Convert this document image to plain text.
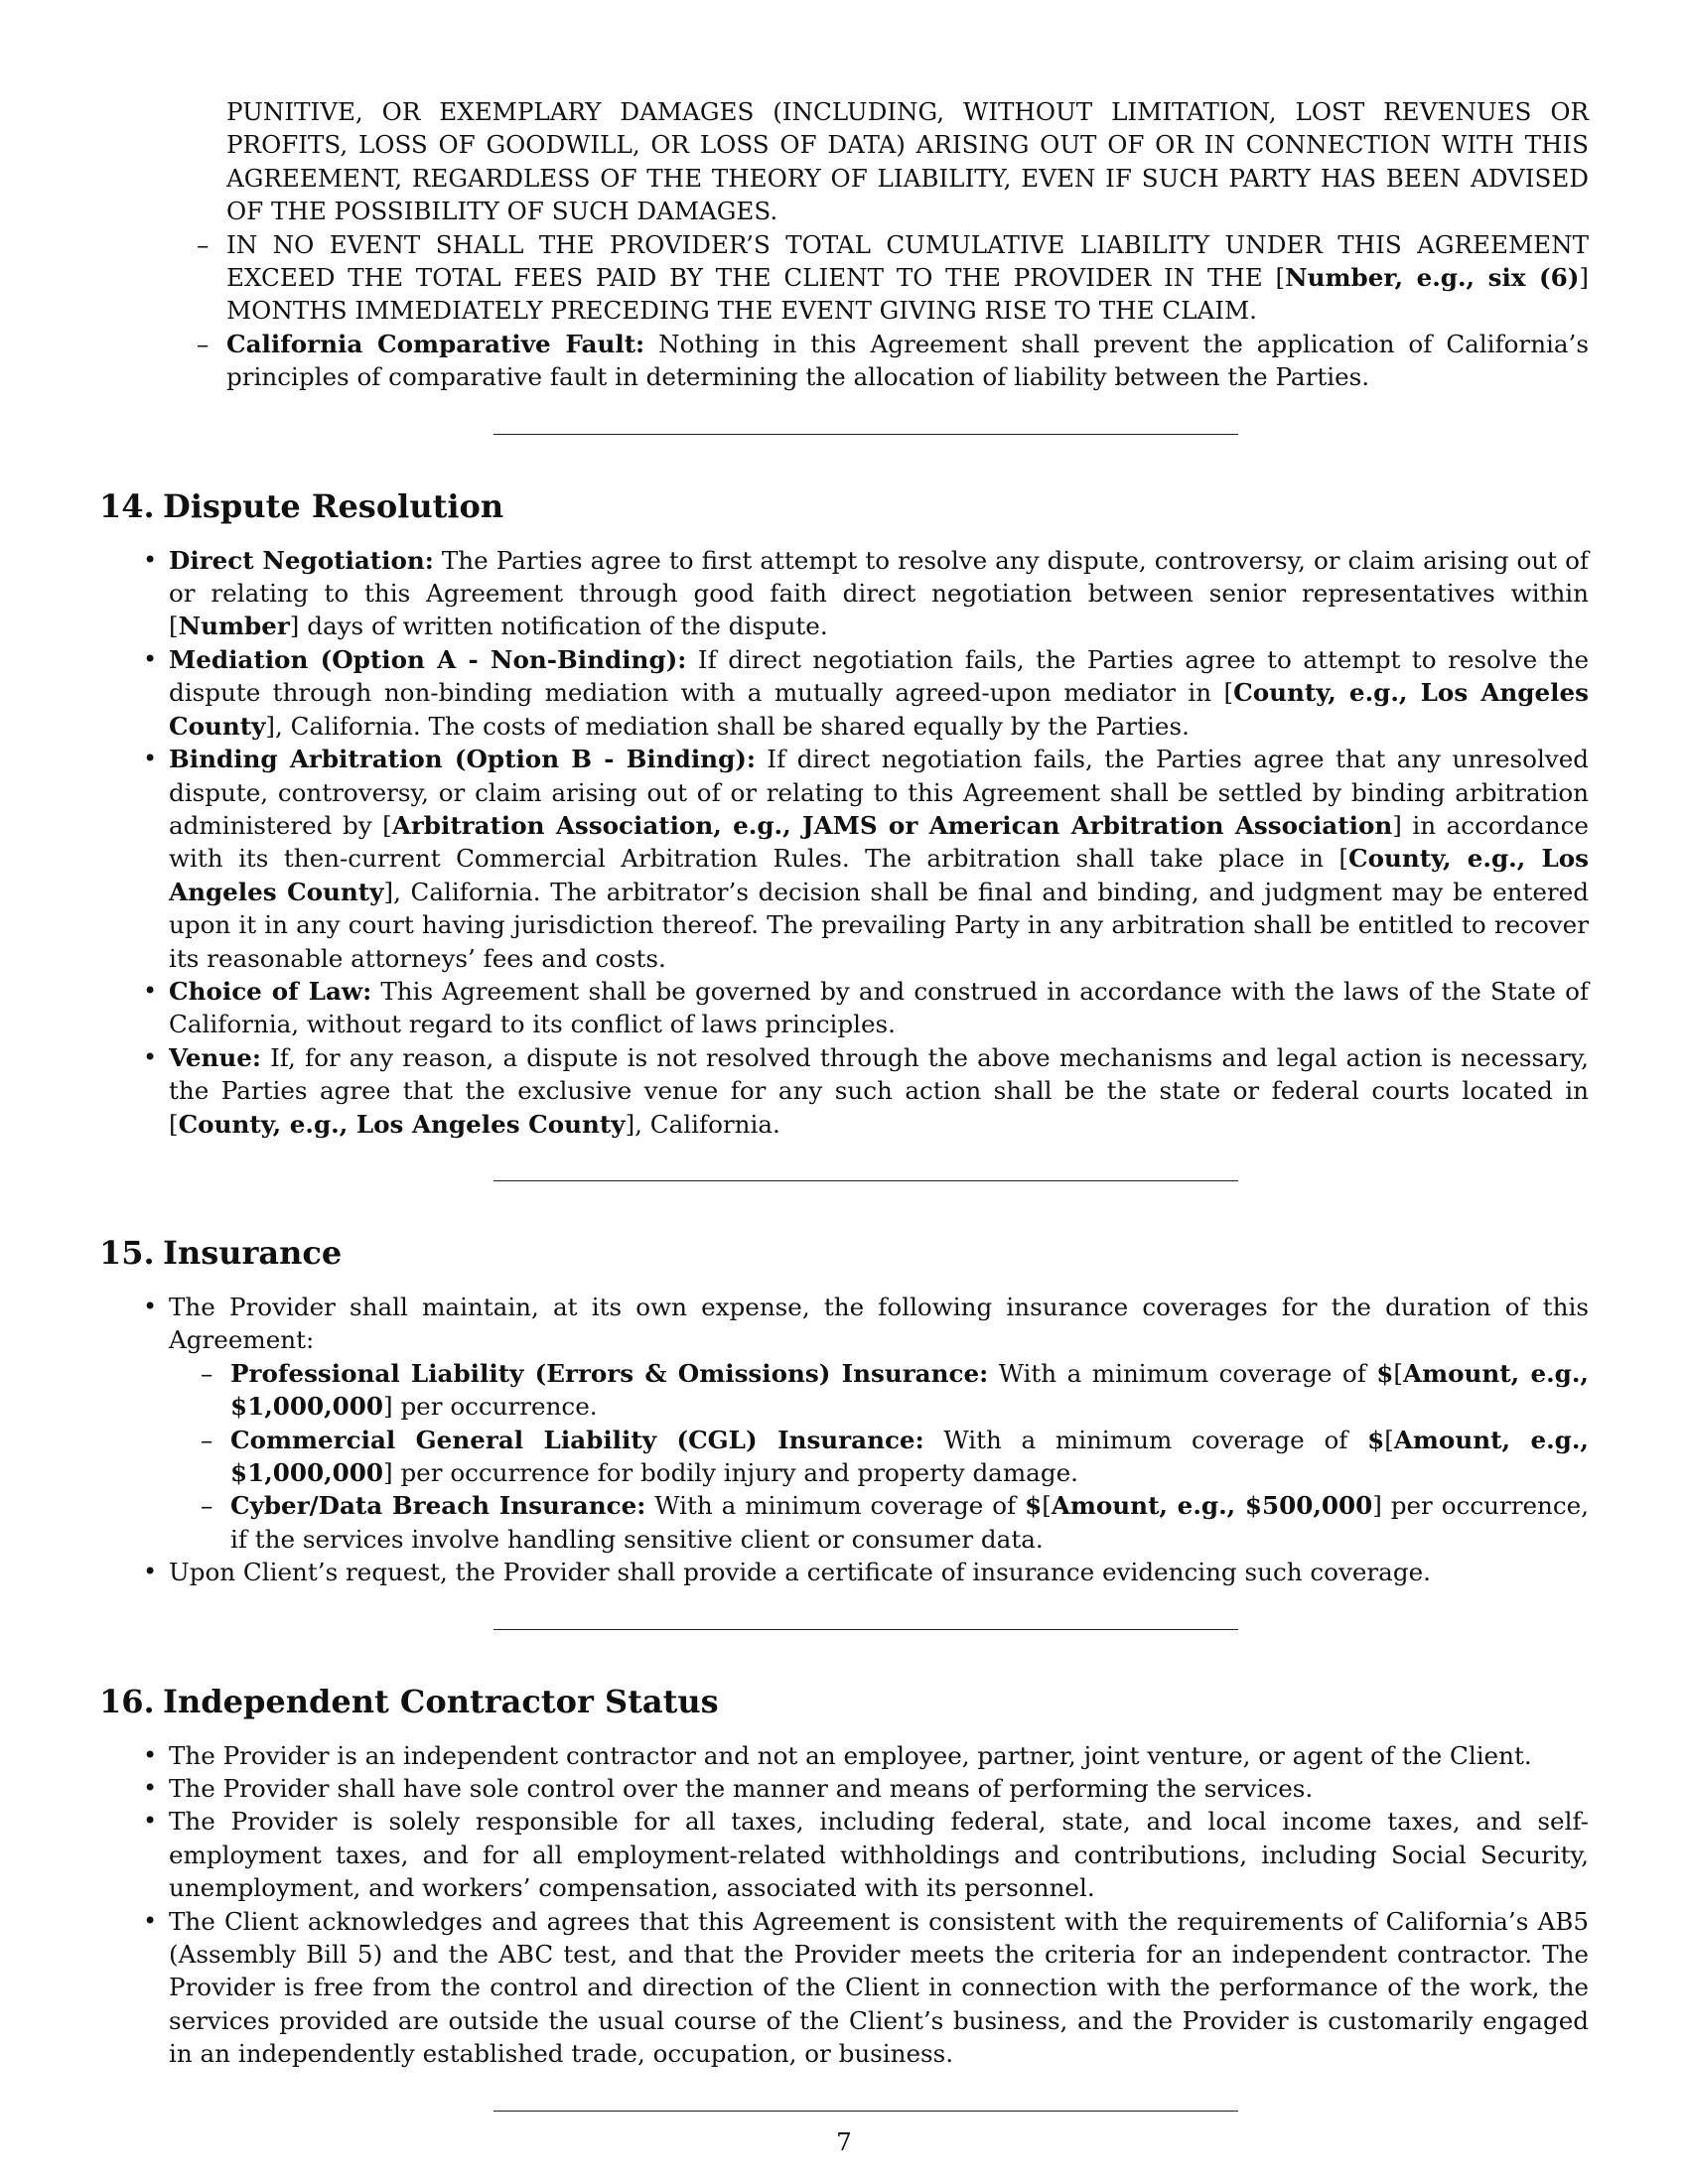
PUNITIVE, OR EXEMPLARY DAMAGES (INCLUDING, WITHOUT LIMITATION, LOST REVENUES OR PROFITS, LOSS OF GOODWILL, OR LOSS OF DATA) ARISING OUT OF OR IN CONNECTION WITH THIS AGREEMENT, REGARDLESS OF THE THEORY OF LIABILITY, EVEN IF SUCH PARTY HAS BEEN ADVISED OF THE POSSIBILITY OF SUCH DAMAGES.
– IN NO EVENT SHALL THE PROVIDER’S TOTAL CUMULATIVE LIABILITY UNDER THIS AGREEMENT EXCEED THE TOTAL FEES PAID BY THE CLIENT TO THE PROVIDER IN THE [Number, e.g., six (6)] MONTHS IMMEDIATELY PRECEDING THE EVENT GIVING RISE TO THE CLAIM.
– California Comparative Fault: Nothing in this Agreement shall prevent the application of California’s principles of comparative fault in determining the allocation of liability between the Parties.
14. Dispute Resolution
• Direct Negotiation: The Parties agree to first attempt to resolve any dispute, controversy, or claim arising out of or relating to this Agreement through good faith direct negotiation between senior representatives within [Number] days of written notification of the dispute.
• Mediation (Option A - Non-Binding): If direct negotiation fails, the Parties agree to attempt to resolve the dispute through non-binding mediation with a mutually agreed-upon mediator in [County, e.g., Los Angeles County], California. The costs of mediation shall be shared equally by the Parties.
• Binding Arbitration (Option B - Binding): If direct negotiation fails, the Parties agree that any unresolved dispute, controversy, or claim arising out of or relating to this Agreement shall be settled by binding arbitration administered by [Arbitration Association, e.g., JAMS or American Arbitration Association] in accordance with its then-current Commercial Arbitration Rules. The arbitration shall take place in [County, e.g., Los Angeles County], California. The arbitrator’s decision shall be final and binding, and judgment may be entered upon it in any court having jurisdiction thereof. The prevailing Party in any arbitration shall be entitled to recover its reasonable attorneys’ fees and costs.
• Choice of Law: This Agreement shall be governed by and construed in accordance with the laws of the State of California, without regard to its conflict of laws principles.
• Venue: If, for any reason, a dispute is not resolved through the above mechanisms and legal action is necessary, the Parties agree that the exclusive venue for any such action shall be the state or federal courts located in [County, e.g., Los Angeles County], California.
15. Insurance
• The Provider shall maintain, at its own expense, the following insurance coverages for the duration of this Agreement:
– Professional Liability (Errors & Omissions) Insurance: With a minimum coverage of $[Amount, e.g., $1,000,000] per occurrence.
– Commercial General Liability (CGL) Insurance: With a minimum coverage of $[Amount, e.g., $1,000,000] per occurrence for bodily injury and property damage.
– Cyber/Data Breach Insurance: With a minimum coverage of $[Amount, e.g., $500,000] per occurrence, if the services involve handling sensitive client or consumer data.
• Upon Client’s request, the Provider shall provide a certificate of insurance evidencing such coverage.
16. Independent Contractor Status
• The Provider is an independent contractor and not an employee, partner, joint venture, or agent of the Client.
• The Provider shall have sole control over the manner and means of performing the services.
• The Provider is solely responsible for all taxes, including federal, state, and local income taxes, and self-employment taxes, and for all employment-related withholdings and contributions, including Social Security, unemployment, and workers’ compensation, associated with its personnel.
• The Client acknowledges and agrees that this Agreement is consistent with the requirements of California’s AB5 (Assembly Bill 5) and the ABC test, and that the Provider meets the criteria for an independent contractor. The Provider is free from the control and direction of the Client in connection with the performance of the work, the services provided are outside the usual course of the Client’s business, and the Provider is customarily engaged in an independently established trade, occupation, or business.
7
